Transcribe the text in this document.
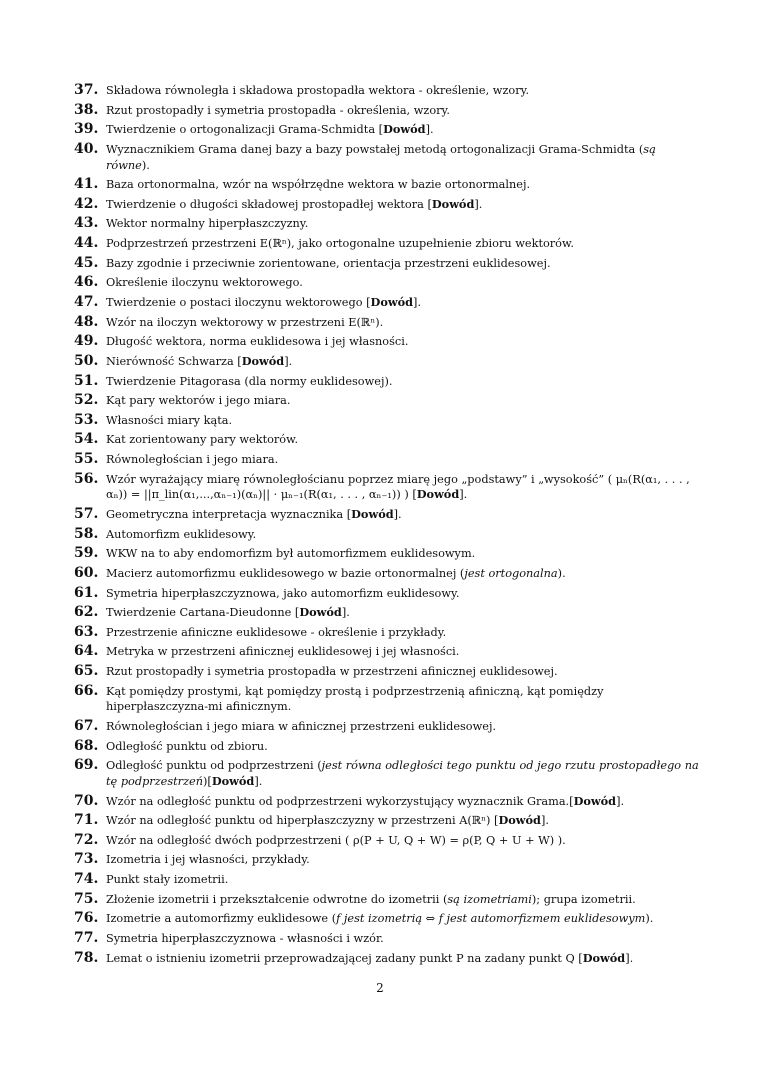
37. Składowa równoległa i składowa prostopadła wektora - określenie, wzory.
38. Rzut prostopadły i symetria prostopadła - określenia, wzory.
39. Twierdzenie o ortogonalizacji Grama-Schmidta [Dowód].
40. Wyznacznikiem Grama danej bazy a bazy powstałej metodą ortogonalizacji Grama-Schmidta (są równe).
41. Baza ortonormalna, wzór na współrzędne wektora w bazie ortonormalnej.
42. Twierdzenie o długości składowej prostopadłej wektora [Dowód].
43. Wektor normalny hiperpłaszczyzny.
44. Podprzestrzeń przestrzeni E(ℝⁿ), jako ortogonalne uzupełnienie zbioru wektorów.
45. Bazy zgodnie i przeciwnie zorientowane, orientacja przestrzeni euklidesowej.
46. Określenie iloczynu wektorowego.
47. Twierdzenie o postaci iloczynu wektorowego [Dowód].
48. Wzór na iloczyn wektorowy w przestrzeni E(ℝⁿ).
49. Długość wektora, norma euklidesowa i jej własności.
50. Nierówność Schwarza [Dowód].
51. Twierdzenie Pitagorasa (dla normy euklidesowej).
52. Kąt pary wektorów i jego miara.
53. Własności miary kąta.
54. Kat zorientowany pary wektorów.
55. Równoległościan i jego miara.
56. Wzór wyrażający miarę równoległościanu poprzez miarę jego „podstawy” i „wysokość” ( μₙ(R(α₁, . . . , αₙ)) = ||π_lin(α₁,...,αₙ₋₁)(αₙ)|| · μₙ₋₁(R(α₁, . . . , αₙ₋₁)) ) [Dowód].
57. Geometryczna interpretacja wyznacznika [Dowód].
58. Automorfizm euklidesowy.
59. WKW na to aby endomorfizm był automorfizmem euklidesowym.
60. Macierz automorfizmu euklidesowego w bazie ortonormalnej (jest ortogonalna).
61. Symetria hiperpłaszczyznowa, jako automorfizm euklidesowy.
62. Twierdzenie Cartana-Dieudonne [Dowód].
63. Przestrzenie afiniczne euklidesowe - określenie i przykłady.
64. Metryka w przestrzeni afinicznej euklidesowej i jej własności.
65. Rzut prostopadły i symetria prostopadła w przestrzeni afinicznej euklidesowej.
66. Kąt pomiędzy prostymi, kąt pomiędzy prostą i podprzestrzenią afiniczną, kąt pomiędzy hiperpłaszczyzna-mi afinicznym.
67. Równoległościan i jego miara w afinicznej przestrzeni euklidesowej.
68. Odległość punktu od zbioru.
69. Odległość punktu od podprzestrzeni (jest równa odległości tego punktu od jego rzutu prostopadłego na tę podprzestrzeń)[Dowód].
70. Wzór na odległość punktu od podprzestrzeni wykorzystujący wyznacznik Grama.[Dowód].
71. Wzór na odległość punktu od hiperpłaszczyzny w przestrzeni A(ℝⁿ) [Dowód].
72. Wzór na odległość dwóch podprzestrzeni ( ρ(P + U, Q + W) = ρ(P, Q + U + W) ).
73. Izometria i jej własności, przykłady.
74. Punkt stały izometrii.
75. Złożenie izometrii i przekształcenie odwrotne do izometrii (są izometriami); grupa izometrii.
76. Izometrie a automorfizmy euklidesowe (f jest izometrią ⇔ f jest automorfizmem euklidesowym).
77. Symetria hiperpłaszczyznowa - własności i wzór.
78. Lemat o istnieniu izometrii przeprowadzającej zadany punkt P na zadany punkt Q [Dowód].
2
